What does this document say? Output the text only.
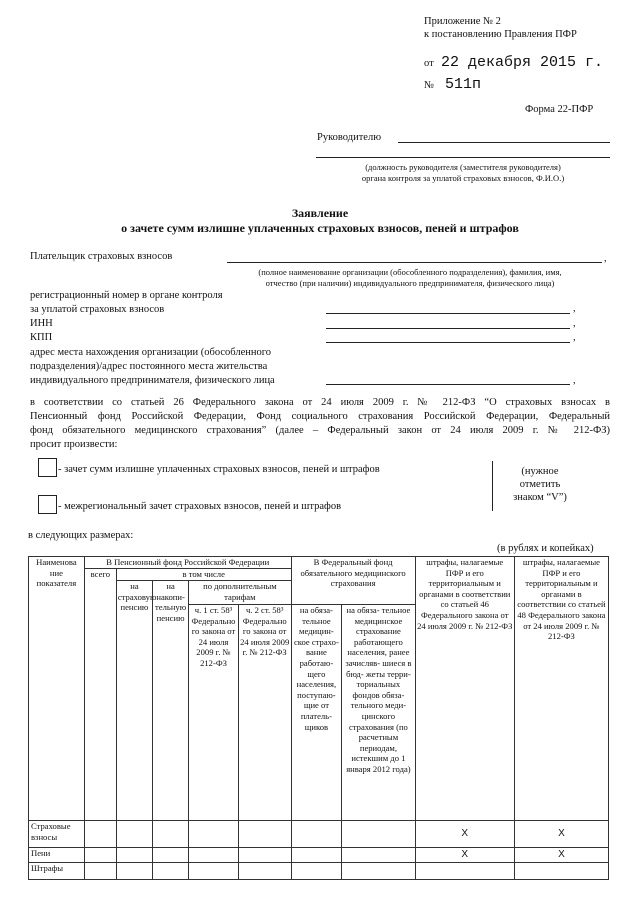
Приложение № 2
к постановлению Правления ПФР
от 22 декабря 2015 г.
№ 511п
Форма 22-ПФР
Руководителю
(должность руководителя (заместителя руководителя)
органа контроля за уплатой страховых взносов, Ф.И.О.)
Заявление
о зачете сумм излишне уплаченных страховых взносов, пеней и штрафов
Плательщик страховых взносов	,
(полное наименование организации (обособленного подразделения), фамилия, имя,
отчество (при наличии) индивидуального предпринимателя, физического лица)
регистрационный номер в органе контроля
за уплатой страховых взносов	,
ИНН	,
КПП	,
адрес места нахождения организации (обособленного
подразделения)/адрес постоянного места жительства
индивидуального предпринимателя, физического лица	,
в соответствии со статьей 26 Федерального закона от 24 июля 2009 г. № 212-ФЗ “О страховых взносах в
Пенсионный фонд Российской Федерации, Фонд социального страхования Российской Федерации, Федеральный
фонд обязательного медицинского страхования” (далее – Федеральный закон от 24 июля 2009 г. № 212-ФЗ)
просит произвести:
- зачет сумм излишне уплаченных страховых взносов, пеней и штрафов
- межрегиональный зачет страховых взносов, пеней и штрафов
(нужное
отметить
знаком “V”)
в следующих размерах:
(в рублях и копейках)
Наименова ние показателя	В Пенсионный фонд Российской Федерации					В Федеральный фонд обязательного медицинского страхования		штрафы, налагаемые ПФР и его территориальным и органами в соответствии со статьей 46 Федерального закона от 24 июля 2009 г. № 212-ФЗ	штрафы, налагаемые ПФР и его территориальным и органами в соответствии со статьей 48 Федерального закона от 24 июля 2009 г. № 212-ФЗ
	всего	в том числе							
		на страховую пенсию	на накопи- тельную пенсию	по дополнительным тарифам					
				ч. 1 ст. 58³ Федерально го закона от 24 июля 2009 г. № 212-ФЗ	ч. 2 ст. 58³ Федерально го закона от 24 июля 2009 г. № 212-ФЗ	на обяза- тельное медицин- ское страхо- вание работаю- щего населения, поступаю- щие от платель- щиков	на обяза- тельное медицинское страхование работающего населения, ранее зачисляв- шиеся в бюд- жеты терри- ториальных фондов обяза- тельного меди- цинского страхования (по расчетным периодам, истекшим до 1 января 2012 года)		
Страховые взносы								Х	Х
Пени								Х	Х
Штрафы									
